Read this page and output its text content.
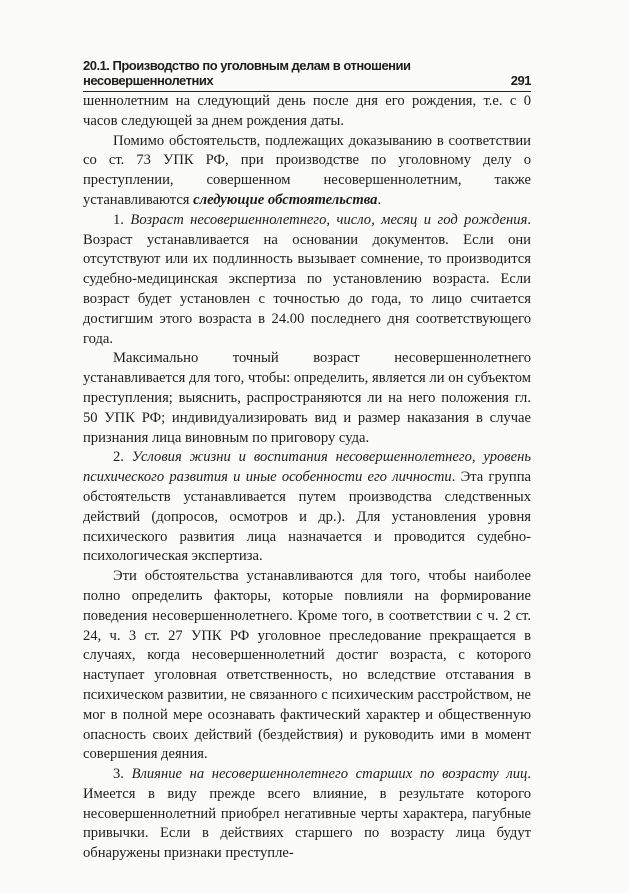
20.1. Производство по уголовным делам в отношении несовершеннолетних	291

шеннолетним на следующий день после дня его рождения, т.е. с 0 часов следующей за днем рождения даты.

Помимо обстоятельств, подлежащих доказыванию в соответствии со ст. 73 УПК РФ, при производстве по уголовному делу о преступлении, совершенном несовершеннолетним, также устанавливаются следующие обстоятельства.

1. Возраст несовершеннолетнего, число, месяц и год рождения. Возраст устанавливается на основании документов. Если они отсутствуют или их подлинность вызывает сомнение, то производится судебно-медицинская экспертиза по установлению возраста. Если возраст будет установлен с точностью до года, то лицо считается достигшим этого возраста в 24.00 последнего дня соответствующего года.

Максимально точный возраст несовершеннолетнего устанавливается для того, чтобы: определить, является ли он субъектом преступления; выяснить, распространяются ли на него положения гл. 50 УПК РФ; индивидуализировать вид и размер наказания в случае признания лица виновным по приговору суда.

2. Условия жизни и воспитания несовершеннолетнего, уровень психического развития и иные особенности его личности. Эта группа обстоятельств устанавливается путем производства следственных действий (допросов, осмотров и др.). Для установления уровня психического развития лица назначается и проводится судебно-психологическая экспертиза.

Эти обстоятельства устанавливаются для того, чтобы наиболее полно определить факторы, которые повлияли на формирование поведения несовершеннолетнего. Кроме того, в соответствии с ч. 2 ст. 24, ч. 3 ст. 27 УПК РФ уголовное преследование прекращается в случаях, когда несовершеннолетний достиг возраста, с которого наступает уголовная ответственность, но вследствие отставания в психическом развитии, не связанного с психическим расстройством, не мог в полной мере осознавать фактический характер и общественную опасность своих действий (бездействия) и руководить ими в момент совершения деяния.

3. Влияние на несовершеннолетнего старших по возрасту лиц. Имеется в виду прежде всего влияние, в результате которого несовершеннолетний приобрел негативные черты характера, пагубные привычки. Если в действиях старшего по возрасту лица будут обнаружены признаки преступле-
